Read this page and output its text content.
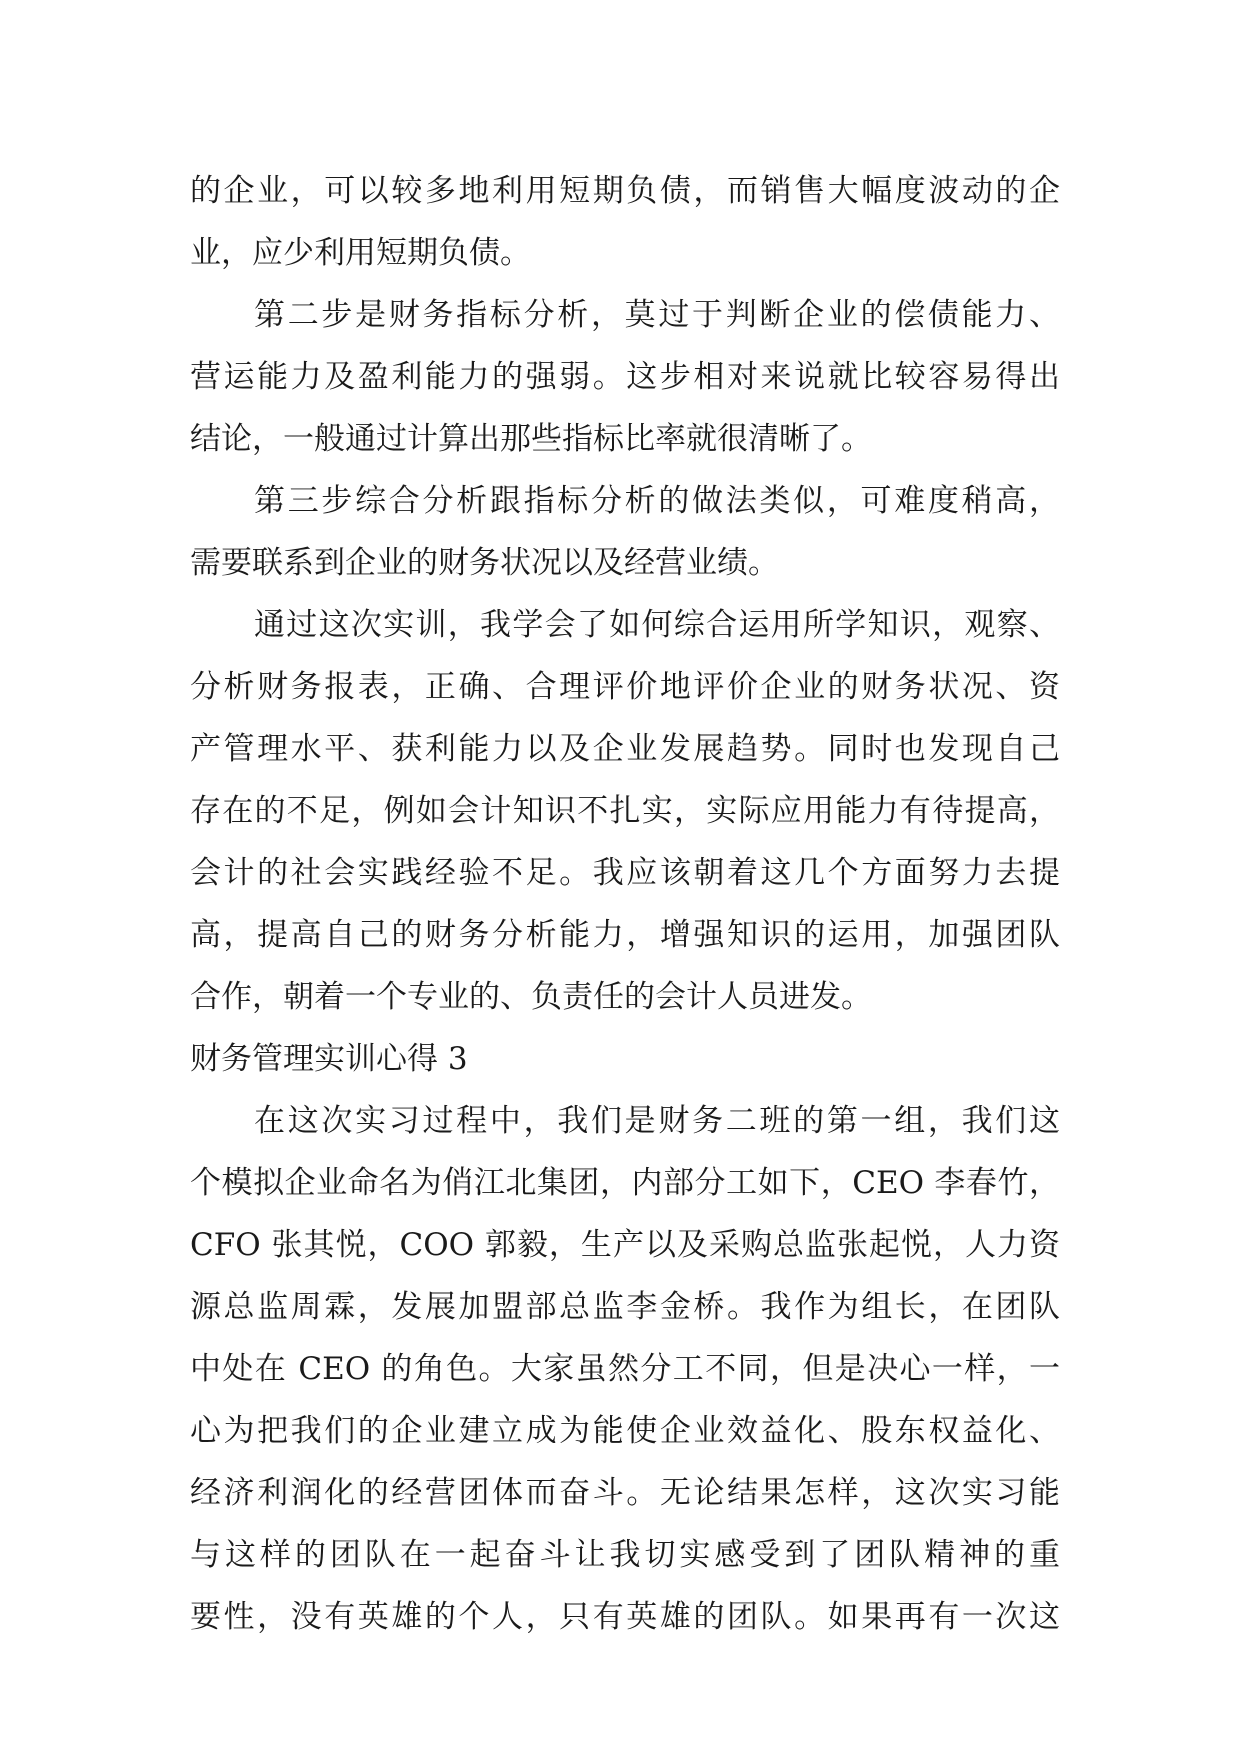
的企业，可以较多地利用短期负债，而销售大幅度波动的企
业，应少利用短期负债。

第二步是财务指标分析，莫过于判断企业的偿债能力、
营运能力及盈利能力的强弱。这步相对来说就比较容易得出
结论，一般通过计算出那些指标比率就很清晰了。

第三步综合分析跟指标分析的做法类似，可难度稍高，
需要联系到企业的财务状况以及经营业绩。

通过这次实训，我学会了如何综合运用所学知识，观察、
分析财务报表，正确、合理评价地评价企业的财务状况、资
产管理水平、获利能力以及企业发展趋势。同时也发现自己
存在的不足，例如会计知识不扎实，实际应用能力有待提高，
会计的社会实践经验不足。我应该朝着这几个方面努力去提
高，提高自己的财务分析能力，增强知识的运用，加强团队
合作，朝着一个专业的、负责任的会计人员进发。

财务管理实训心得 3

在这次实习过程中，我们是财务二班的第一组，我们这
个模拟企业命名为俏江北集团，内部分工如下，CEO 李春竹，
CFO 张其悦，COO 郭毅，生产以及采购总监张起悦，人力资
源总监周霖，发展加盟部总监李金桥。我作为组长，在团队
中处在 CEO 的角色。大家虽然分工不同，但是决心一样，一
心为把我们的企业建立成为能使企业效益化、股东权益化、
经济利润化的经营团体而奋斗。无论结果怎样，这次实习能
与这样的团队在一起奋斗让我切实感受到了团队精神的重
要性，没有英雄的个人，只有英雄的团队。如果再有一次这
